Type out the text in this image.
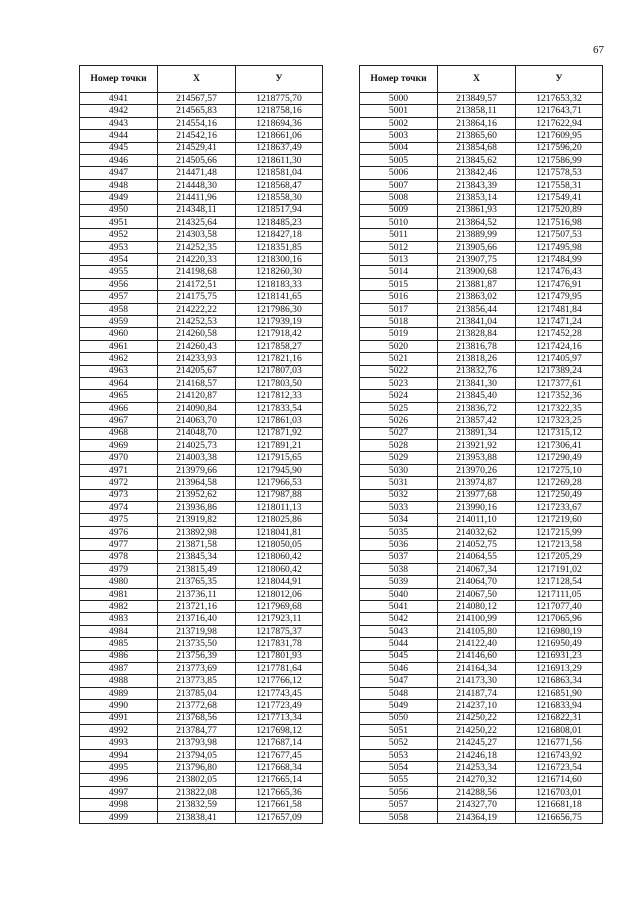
67
Номер точки	X	У
4941	214567,57	1218775,70
4942	214565,83	1218758,16
4943	214554,16	1218694,36
4944	214542,16	1218661,06
4945	214529,41	1218637,49
4946	214505,66	1218611,30
4947	214471,48	1218581,04
4948	214448,30	1218568,47
4949	214411,96	1218558,30
4950	214348,11	1218517,94
4951	214325,64	1218485,23
4952	214303,58	1218427,18
4953	214252,35	1218351,85
4954	214220,33	1218300,16
4955	214198,68	1218260,30
4956	214172,51	1218183,33
4957	214175,75	1218141,65
4958	214222,22	1217986,30
4959	214252,53	1217939,19
4960	214260,58	1217918,42
4961	214260,43	1217858,27
4962	214233,93	1217821,16
4963	214205,67	1217807,03
4964	214168,57	1217803,50
4965	214120,87	1217812,33
4966	214090,84	1217833,54
4967	214063,70	1217861,03
4968	214048,70	1217871,92
4969	214025,73	1217891,21
4970	214003,38	1217915,65
4971	213979,66	1217945,90
4972	213964,58	1217966,53
4973	213952,62	1217987,88
4974	213936,86	1218011,13
4975	213919,82	1218025,86
4976	213892,98	1218041,81
4977	213871,58	1218050,05
4978	213845,34	1218060,42
4979	213815,49	1218060,42
4980	213765,35	1218044,91
4981	213736,11	1218012,06
4982	213721,16	1217969,68
4983	213716,40	1217923,11
4984	213719,98	1217875,37
4985	213735,50	1217831,78
4986	213756,39	1217801,93
4987	213773,69	1217781,64
4988	213773,85	1217766,12
4989	213785,04	1217743,45
4990	213772,68	1217723,49
4991	213768,56	1217713,34
4992	213784,77	1217698,12
4993	213793,98	1217687,14
4994	213794,05	1217677,45
4995	213796,80	1217668,34
4996	213802,05	1217665,14
4997	213822,08	1217665,36
4998	213832,59	1217661,58
4999	213838,41	1217657,09
Номер точки	X	У
5000	213849,57	1217653,32
5001	213858,11	1217643,71
5002	213864,16	1217622,94
5003	213865,60	1217609,95
5004	213854,68	1217596,20
5005	213845,62	1217586,99
5006	213842,46	1217578,53
5007	213843,39	1217558,31
5008	213853,14	1217549,41
5009	213861,93	1217520,89
5010	213864,52	1217516,98
5011	213889,99	1217507,53
5012	213905,66	1217495,98
5013	213907,75	1217484,99
5014	213900,68	1217476,43
5015	213881,87	1217476,91
5016	213863,02	1217479,95
5017	213856,44	1217481,84
5018	213841,04	1217471,24
5019	213828,84	1217452,28
5020	213816,78	1217424,16
5021	213818,26	1217405,97
5022	213832,76	1217389,24
5023	213841,30	1217377,61
5024	213845,40	1217352,36
5025	213836,72	1217322,35
5026	213857,42	1217323,25
5027	213891,34	1217315,12
5028	213921,92	1217306,41
5029	213953,88	1217290,49
5030	213970,26	1217275,10
5031	213974,87	1217269,28
5032	213977,68	1217250,49
5033	213990,16	1217233,67
5034	214011,10	1217219,60
5035	214032,62	1217215,99
5036	214052,75	1217213,58
5037	214064,55	1217205,29
5038	214067,34	1217191,02
5039	214064,70	1217128,54
5040	214067,50	1217111,05
5041	214080,12	1217077,40
5042	214100,99	1217065,96
5043	214105,80	1216980,19
5044	214122,40	1216950,49
5045	214146,60	1216931,23
5046	214164,34	1216913,29
5047	214173,30	1216863,34
5048	214187,74	1216851,90
5049	214237,10	1216833,94
5050	214250,22	1216822,31
5051	214250,22	1216808,01
5052	214245,27	1216771,56
5053	214246,18	1216743,92
5054	214253,34	1216723,54
5055	214270,32	1216714,60
5056	214288,56	1216703,01
5057	214327,70	1216681,18
5058	214364,19	1216656,75
